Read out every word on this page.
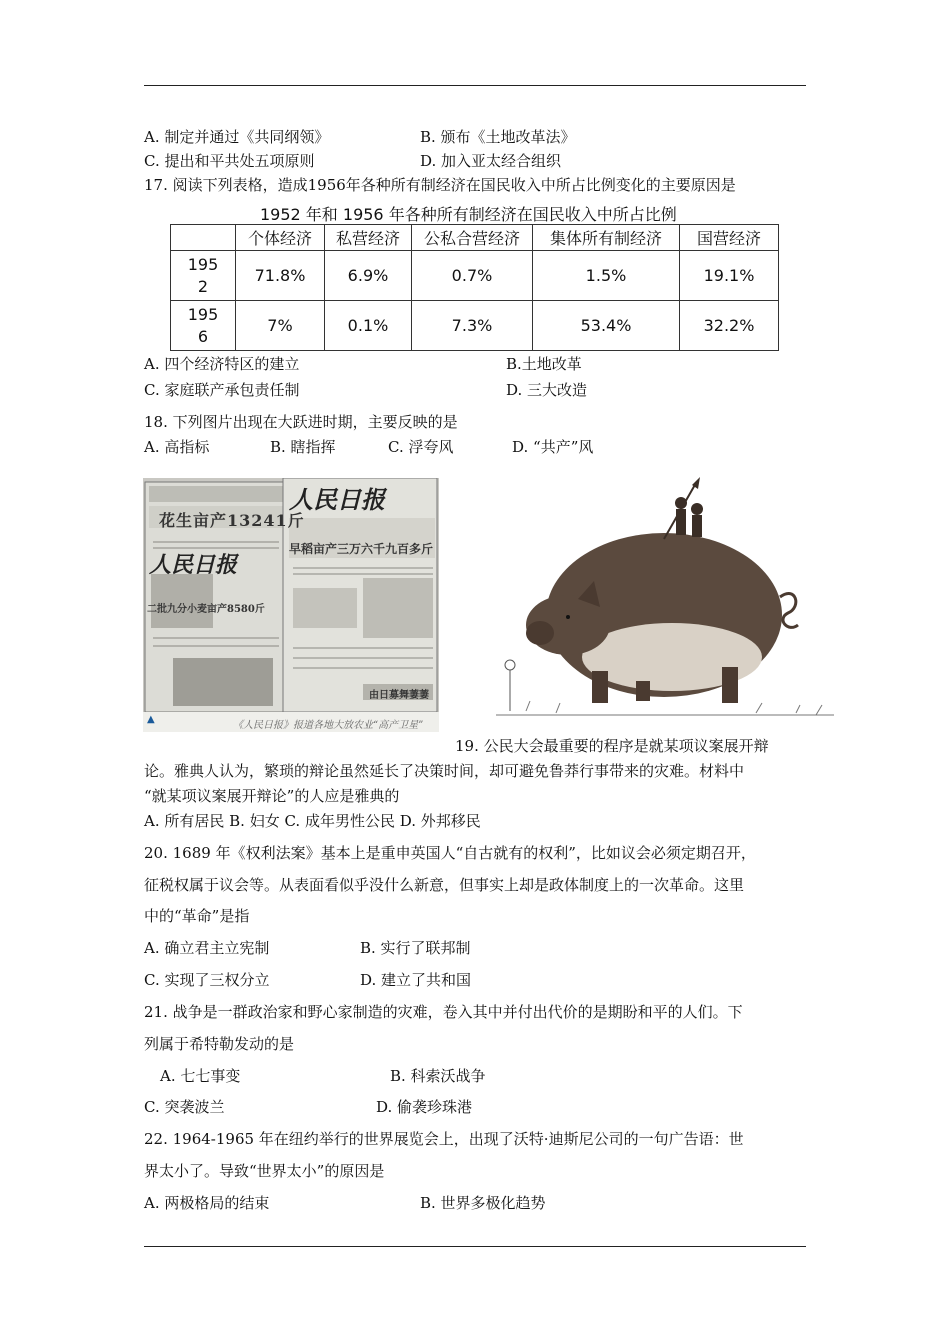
A. 制定并通过《共同纲领》	B. 颁布《土地改革法》
C. 提出和平共处五项原则	D. 加入亚太经合组织
17. 阅读下列表格，造成1956年各种所有制经济在国民收入中所占比例变化的主要原因是
1952 年和 1956 年各种所有制经济在国民收入中所占比例
	个体经济	私营经济	公私合营经济	集体所有制经济	国营经济

195
2	71.8%	6.9%	0.7%	1.5%	19.1%

195
6	7%	0.1%	7.3%	53.4%	32.2%
A. 四个经济特区的建立	B.土地改革
C. 家庭联产承包责任制	D. 三大改造
18. 下列图片出现在大跃进时期，主要反映的是
A. 高指标	B. 瞎指挥	C. 浮夸风	D. “共产”风
花生亩产13241斤
人民日报
早稻亩产三万六千九百多斤
人民日报
二批九分小麦亩产8580斤
由日募舞萋萋
▲
《人民日报》报道各地大放农业“高产卫星”
19. 公民大会最重要的程序是就某项议案展开辩
论。雅典人认为，繁琐的辩论虽然延长了决策时间，却可避免鲁莽行事带来的灾难。材料中
“就某项议案展开辩论”的人应是雅典的
A. 所有居民 B. 妇女 C. 成年男性公民 D. 外邦移民
20. 1689 年《权利法案》基本上是重申英国人“自古就有的权利”，比如议会必须定期召开，
征税权属于议会等。从表面看似乎没什么新意，但事实上却是政体制度上的一次革命。这里
中的“革命”是指
A. 确立君主立宪制	B. 实行了联邦制
C. 实现了三权分立	D. 建立了共和国
21. 战争是一群政治家和野心家制造的灾难，卷入其中并付出代价的是期盼和平的人们。下
列属于希特勒发动的是
A. 七七事变	B. 科索沃战争
C. 突袭波兰	D. 偷袭珍珠港
22. 1964-1965 年在纽约举行的世界展览会上，出现了沃特·迪斯尼公司的一句广告语：世
界太小了。导致“世界太小”的原因是
A. 两极格局的结束	B. 世界多极化趋势
